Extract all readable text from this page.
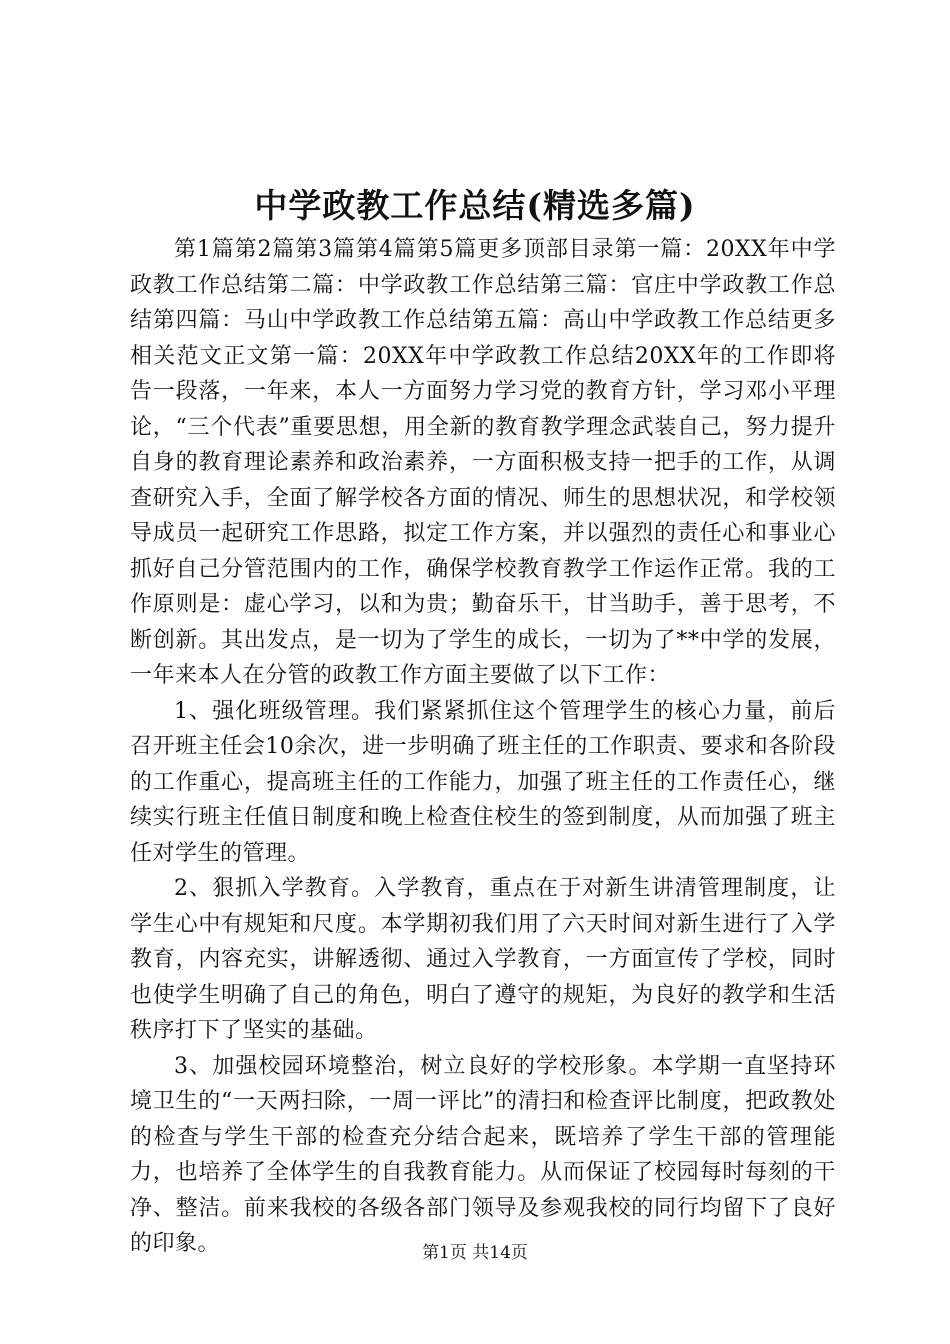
中学政教工作总结(精选多篇)

第1篇第2篇第3篇第4篇第5篇更多顶部目录第一篇：20XX年中学政教工作总结第二篇：中学政教工作总结第三篇：官庄中学政教工作总结第四篇：马山中学政教工作总结第五篇：高山中学政教工作总结更多相关范文正文第一篇：20XX年中学政教工作总结20XX年的工作即将告一段落，一年来，本人一方面努力学习党的教育方针，学习邓小平理论，“三个代表”重要思想，用全新的教育教学理念武装自己，努力提升自身的教育理论素养和政治素养，一方面积极支持一把手的工作，从调查研究入手，全面了解学校各方面的情况、师生的思想状况，和学校领导成员一起研究工作思路，拟定工作方案，并以强烈的责任心和事业心抓好自己分管范围内的工作，确保学校教育教学工作运作正常。我的工作原则是：虚心学习，以和为贵；勤奋乐干，甘当助手，善于思考，不断创新。其出发点，是一切为了学生的成长，一切为了**中学的发展，一年来本人在分管的政教工作方面主要做了以下工作：

1、强化班级管理。我们紧紧抓住这个管理学生的核心力量，前后召开班主任会10余次，进一步明确了班主任的工作职责、要求和各阶段的工作重心，提高班主任的工作能力，加强了班主任的工作责任心，继续实行班主任值日制度和晚上检查住校生的签到制度，从而加强了班主任对学生的管理。

2、狠抓入学教育。入学教育，重点在于对新生讲清管理制度，让学生心中有规矩和尺度。本学期初我们用了六天时间对新生进行了入学教育，内容充实，讲解透彻、通过入学教育，一方面宣传了学校，同时也使学生明确了自己的角色，明白了遵守的规矩，为良好的教学和生活秩序打下了坚实的基础。

3、加强校园环境整治，树立良好的学校形象。本学期一直坚持环境卫生的“一天两扫除，一周一评比”的清扫和检查评比制度，把政教处的检查与学生干部的检查充分结合起来，既培养了学生干部的管理能力，也培养了全体学生的自我教育能力。从而保证了校园每时每刻的干净、整洁。前来我校的各级各部门领导及参观我校的同行均留下了良好的印象。	第1页 共14页
